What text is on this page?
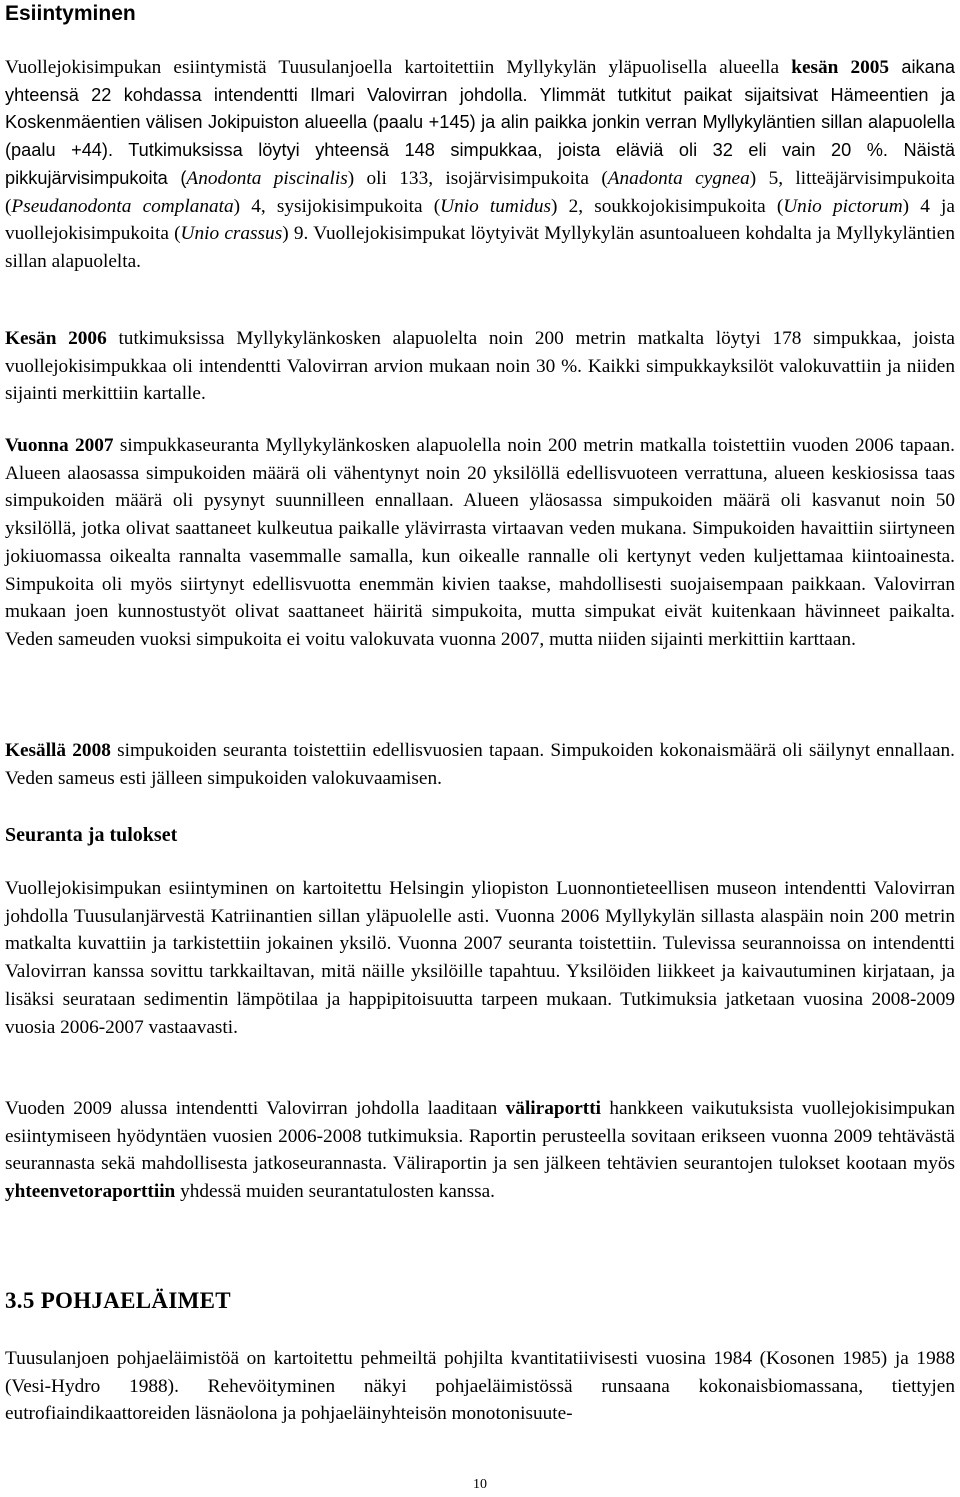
Esiintyminen

Vuollejokisimpukan esiintymistä Tuusulanjoella kartoitettiin Myllykylän yläpuolisella alueella kesän 2005 aikana yhteensä 22 kohdassa intendentti Ilmari Valovirran johdolla. Ylimmät tutkitut paikat sijaitsivat Hämeentien ja Koskenmäentien välisen Jokipuiston alueella (paalu +145) ja alin paikka jonkin verran Myllykyläntien sillan alapuolella (paalu +44). Tutkimuksissa löytyi yhteensä 148 simpukkaa, joista eläviä oli 32 eli vain 20 %. Näistä pikkujärvisimpukoita (Anodonta piscinalis) oli 133, isojärvisimpukoita (Anadonta cygnea) 5, litteäjärvisimpukoita (Pseudanodonta complanata) 4, sysijokisimpukoita (Unio tumidus) 2, soukkojokisimpukoita (Unio pictorum) 4 ja vuollejokisimpukoita (Unio crassus) 9. Vuollejokisimpukat löytyivät Myllykylän asuntoalueen kohdalta ja Myllykyläntien sillan alapuolelta.

Kesän 2006 tutkimuksissa Myllykylänkosken alapuolelta noin 200 metrin matkalta löytyi 178 simpukkaa, joista vuollejokisimpukkaa oli intendentti Valovirran arvion mukaan noin 30 %. Kaikki simpukkayksilöt valokuvattiin ja niiden sijainti merkittiin kartalle.

Vuonna 2007 simpukkaseuranta Myllykylänkosken alapuolella noin 200 metrin matkalla toistettiin vuoden 2006 tapaan. Alueen alaosassa simpukoiden määrä oli vähentynyt noin 20 yksilöllä edellisvuoteen verrattuna, alueen keskiosissa taas simpukoiden määrä oli pysynyt suunnilleen ennallaan. Alueen yläosassa simpukoiden määrä oli kasvanut noin 50 yksilöllä, jotka olivat saattaneet kulkeutua paikalle ylävirrasta virtaavan veden mukana. Simpukoiden havaittiin siirtyneen jokiuomassa oikealta rannalta vasemmalle samalla, kun oikealle rannalle oli kertynyt veden kuljettamaa kiintoainesta. Simpukoita oli myös siirtynyt edellisvuotta enemmän kivien taakse, mahdollisesti suojaisempaan paikkaan. Valovirran mukaan joen kunnostustyöt olivat saattaneet häiritä simpukoita, mutta simpukat eivät kuitenkaan hävinneet paikalta. Veden sameuden vuoksi simpukoita ei voitu valokuvata vuonna 2007, mutta niiden sijainti merkittiin karttaan.

Kesällä 2008 simpukoiden seuranta toistettiin edellisvuosien tapaan. Simpukoiden kokonaismäärä oli säilynyt ennallaan. Veden sameus esti jälleen simpukoiden valokuvaamisen.

Seuranta ja tulokset

Vuollejokisimpukan esiintyminen on kartoitettu Helsingin yliopiston Luonnontieteellisen museon intendentti Valovirran johdolla Tuusulanjärvestä Katriinantien sillan yläpuolelle asti. Vuonna 2006 Myllykylän sillasta alaspäin noin 200 metrin matkalta kuvattiin ja tarkistettiin jokainen yksilö. Vuonna 2007 seuranta toistettiin. Tulevissa seurannoissa on intendentti Valovirran kanssa sovittu tarkkailtavan, mitä näille yksilöille tapahtuu. Yksilöiden liikkeet ja kaivautuminen kirjataan, ja lisäksi seurataan sedimentin lämpötilaa ja happipitoisuutta tarpeen mukaan. Tutkimuksia jatketaan vuosina 2008-2009 vuosia 2006-2007 vastaavasti.

Vuoden 2009 alussa intendentti Valovirran johdolla laaditaan väliraportti hankkeen vaikutuksista vuollejokisimpukan esiintymiseen hyödyntäen vuosien 2006-2008 tutkimuksia. Raportin perusteella sovitaan erikseen vuonna 2009 tehtävästä seurannasta sekä mahdollisesta jatkoseurannasta. Väliraportin ja sen jälkeen tehtävien seurantojen tulokset kootaan myös yhteenvetoraporttiin yhdessä muiden seurantatulosten kanssa.

3.5 POHJAELÄIMET

Tuusulanjoen pohjaeläimistöä on kartoitettu pehmeiltä pohjilta kvantitatiivisesti vuosina 1984 (Kosonen 1985) ja 1988 (Vesi-Hydro 1988). Rehevöityminen näkyi pohjaeläimistössä runsaana kokonaisbiomassana, tiettyjen eutrofiaindikaattoreiden läsnäolona ja pohjaeläinyhteisön monotonisuute-

10
